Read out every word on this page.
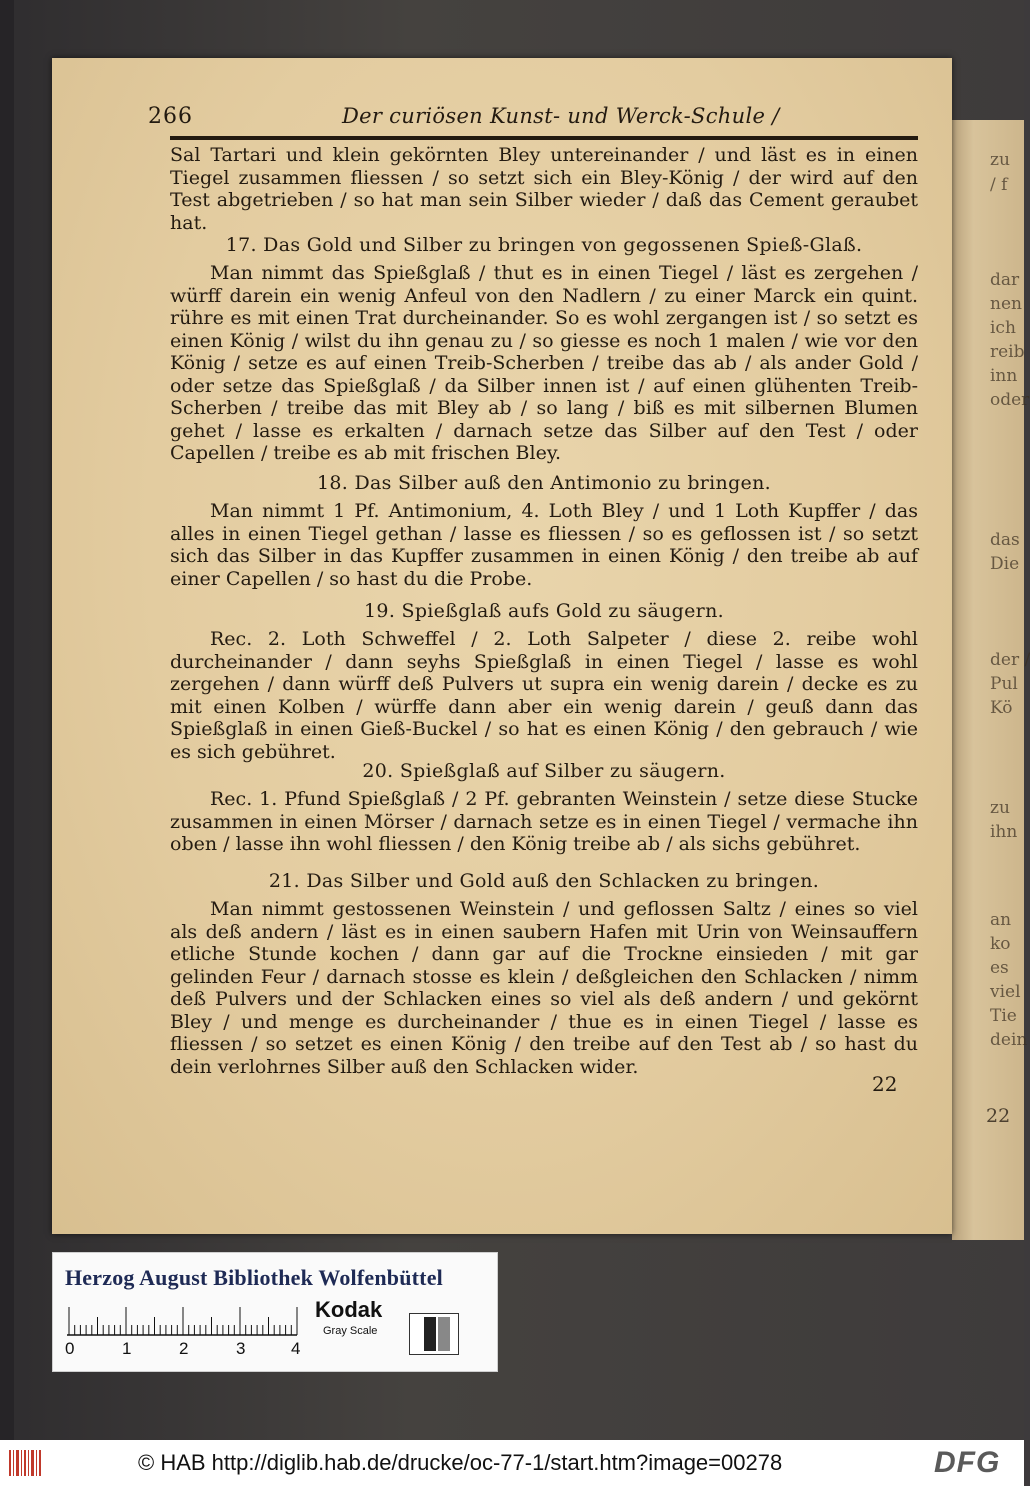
zu
/ f
dar
nen
ich
reib
inn
oder
das
Die
der /
Pul
Kö
zu
ihn
an
ko
es
viel
Tie
dein
22
266	Der curiösen Kunst- und Werck-Schule /

Sal Tartari und klein gekörnten Bley untereinander / und läst es in einen Tiegel zusammen fliessen / so setzt sich ein Bley-König / der wird auf den Test abgetrieben / so hat man sein Silber wieder / daß das Cement geraubet hat.

17. Das Gold und Silber zu bringen von gegossenen Spieß-Glaß.

Man nimmt das Spießglaß / thut es in einen Tiegel / läst es zergehen / würff darein ein wenig Anfeul von den Nadlern / zu einer Marck ein quint. rühre es mit einen Trat durcheinander. So es wohl zergangen ist / so setzt es einen König / wilst du ihn genau zu / so giesse es noch 1 malen / wie vor den König / setze es auf einen Treib-Scherben / treibe das ab / als ander Gold / oder setze das Spießglaß / da Silber innen ist / auf einen glühenten Treib-Scherben / treibe das mit Bley ab / so lang / biß es mit silbernen Blumen gehet / lasse es erkalten / darnach setze das Silber auf den Test / oder Capellen / treibe es ab mit frischen Bley.

18. Das Silber auß den Antimonio zu bringen.

Man nimmt 1 Pf. Antimonium, 4. Loth Bley / und 1 Loth Kupffer / das alles in einen Tiegel gethan / lasse es fliessen / so es geflossen ist / so setzt sich das Silber in das Kupffer zusammen in einen König / den treibe ab auf einer Capellen / so hast du die Probe.

19. Spießglaß aufs Gold zu säugern.

Rec. 2. Loth Schweffel / 2. Loth Salpeter / diese 2. reibe wohl durcheinander / dann seyhs Spießglaß in einen Tiegel / lasse es wohl zergehen / dann würff deß Pulvers ut supra ein wenig darein / decke es zu mit einen Kolben / würffe dann aber ein wenig darein / geuß dann das Spießglaß in einen Gieß-Buckel / so hat es einen König / den gebrauch / wie es sich gebühret.

20. Spießglaß auf Silber zu säugern.

Rec. 1. Pfund Spießglaß / 2 Pf. gebranten Weinstein / setze diese Stucke zusammen in einen Mörser / darnach setze es in einen Tiegel / vermache ihn oben / lasse ihn wohl fliessen / den König treibe ab / als sichs gebühret.

21. Das Silber und Gold auß den Schlacken zu bringen.

Man nimmt gestossenen Weinstein / und geflossen Saltz / eines so viel als deß andern / läst es in einen saubern Hafen mit Urin von Weinsauffern etliche Stunde kochen / dann gar auf die Trockne einsieden / mit gar gelinden Feur / darnach stosse es klein / deßgleichen den Schlacken / nimm deß Pulvers und der Schlacken eines so viel als deß andern / und gekörnt Bley / und menge es durcheinander / thue es in einen Tiegel / lasse es fliessen / so setzet es einen König / den treibe auf den Test ab / so hast du dein verlohrnes Silber auß den Schlacken wider.

22
Herzog August Bibliothek Wolfenbüttel
0	1	2	3	4
Kodak
Gray Scale
© HAB http://diglib.hab.de/drucke/oc-77-1/start.htm?image=00278	DFG
